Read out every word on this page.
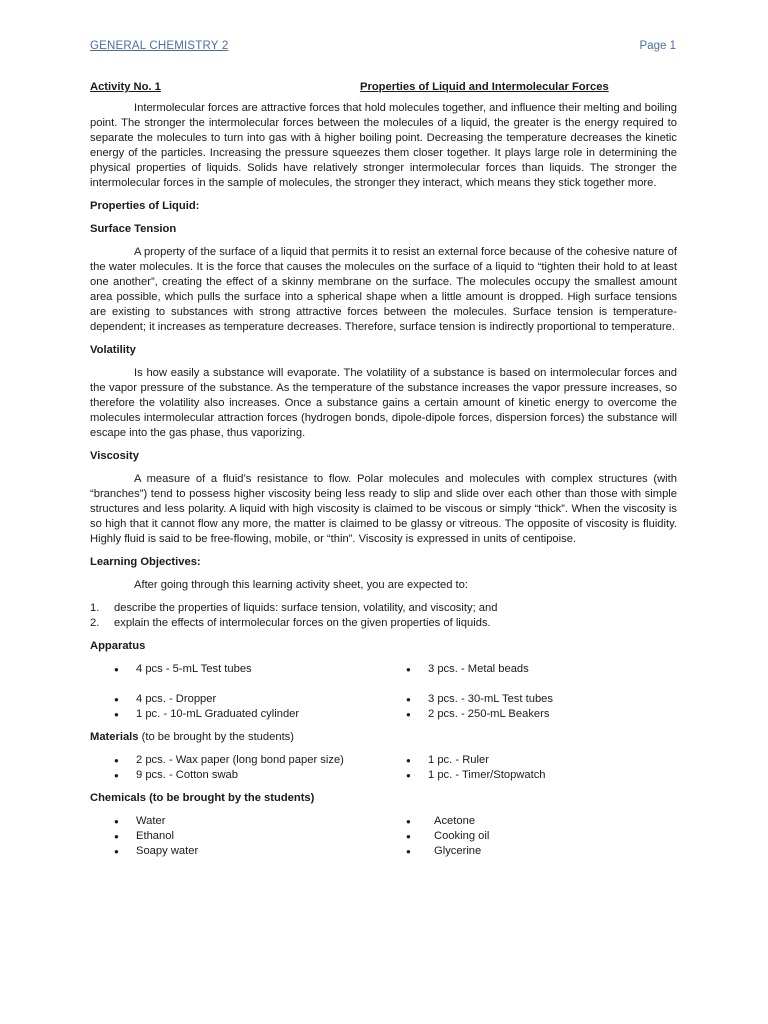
GENERAL CHEMISTRY 2	Page 1
Activity No. 1	Properties of Liquid and Intermolecular Forces

Intermolecular forces are attractive forces that hold molecules together, and influence their melting and boiling point. The stronger the intermolecular forces between the molecules of a liquid, the greater is the energy required to separate the molecules to turn into gas with à higher boiling point. Decreasing the temperature decreases the kinetic energy of the particles. Increasing the pressure squeezes them closer together. It plays large role in determining the physical properties of liquids. Solids have relatively stronger intermolecular forces than liquids. The stronger the intermolecular forces in the sample of molecules, the stronger they interact, which means they stick together more.

Properties of Liquid:
Surface Tension

A property of the surface of a liquid that permits it to resist an external force because of the cohesive nature of the water molecules. It is the force that causes the molecules on the surface of a liquid to “tighten their hold to at least one another”, creating the effect of a skinny membrane on the surface. The molecules occupy the smallest amount area possible, which pulls the surface into a spherical shape when a little amount is dropped. High surface tensions are existing to substances with strong attractive forces between the molecules. Surface tension is temperature-dependent; it increases as temperature decreases. Therefore, surface tension is indirectly proportional to temperature.

Volatility

Is how easily a substance will evaporate. The volatility of a substance is based on intermolecular forces and the vapor pressure of the substance. As the temperature of the substance increases the vapor pressure increases, so therefore the volatility also increases. Once a substance gains a certain amount of kinetic energy to overcome the molecules intermolecular attraction forces (hydrogen bonds, dipole-dipole forces, dispersion forces) the substance will escape into the gas phase, thus vaporizing.

Viscosity

A measure of a fluid’s resistance to flow. Polar molecules and molecules with complex structures (with “branches”) tend to possess higher viscosity being less ready to slip and slide over each other than those with simple structures and less polarity. A liquid with high viscosity is claimed to be viscous or simply “thick”. When the viscosity is so high that it cannot flow any more, the matter is claimed to be glassy or vitreous. The opposite of viscosity is fluidity. Highly fluid is said to be free-flowing, mobile, or “thin”. Viscosity is expressed in units of centipoise.

Learning Objectives:

After going through this learning activity sheet, you are expected to:

1. describe the properties of liquids: surface tension, volatility, and viscosity; and
2. explain the effects of intermolecular forces on the given properties of liquids.
Apparatus
● 4 pcs - 5-mL Test tubes	● 3 pcs. - Metal beads
● 4 pcs. - Dropper	● 3 pcs. - 30-mL Test tubes
● 1 pc. - 10-mL Graduated cylinder	● 2 pcs. - 250-mL Beakers
Materials (to be brought by the students)
● 2 pcs. - Wax paper (long bond paper size)	● 1 pc. - Ruler
● 9 pcs. - Cotton swab	● 1 pc. - Timer/Stopwatch
Chemicals (to be brought by the students)
● Water	● Acetone
● Ethanol	● Cooking oil
● Soapy water	● Glycerine
